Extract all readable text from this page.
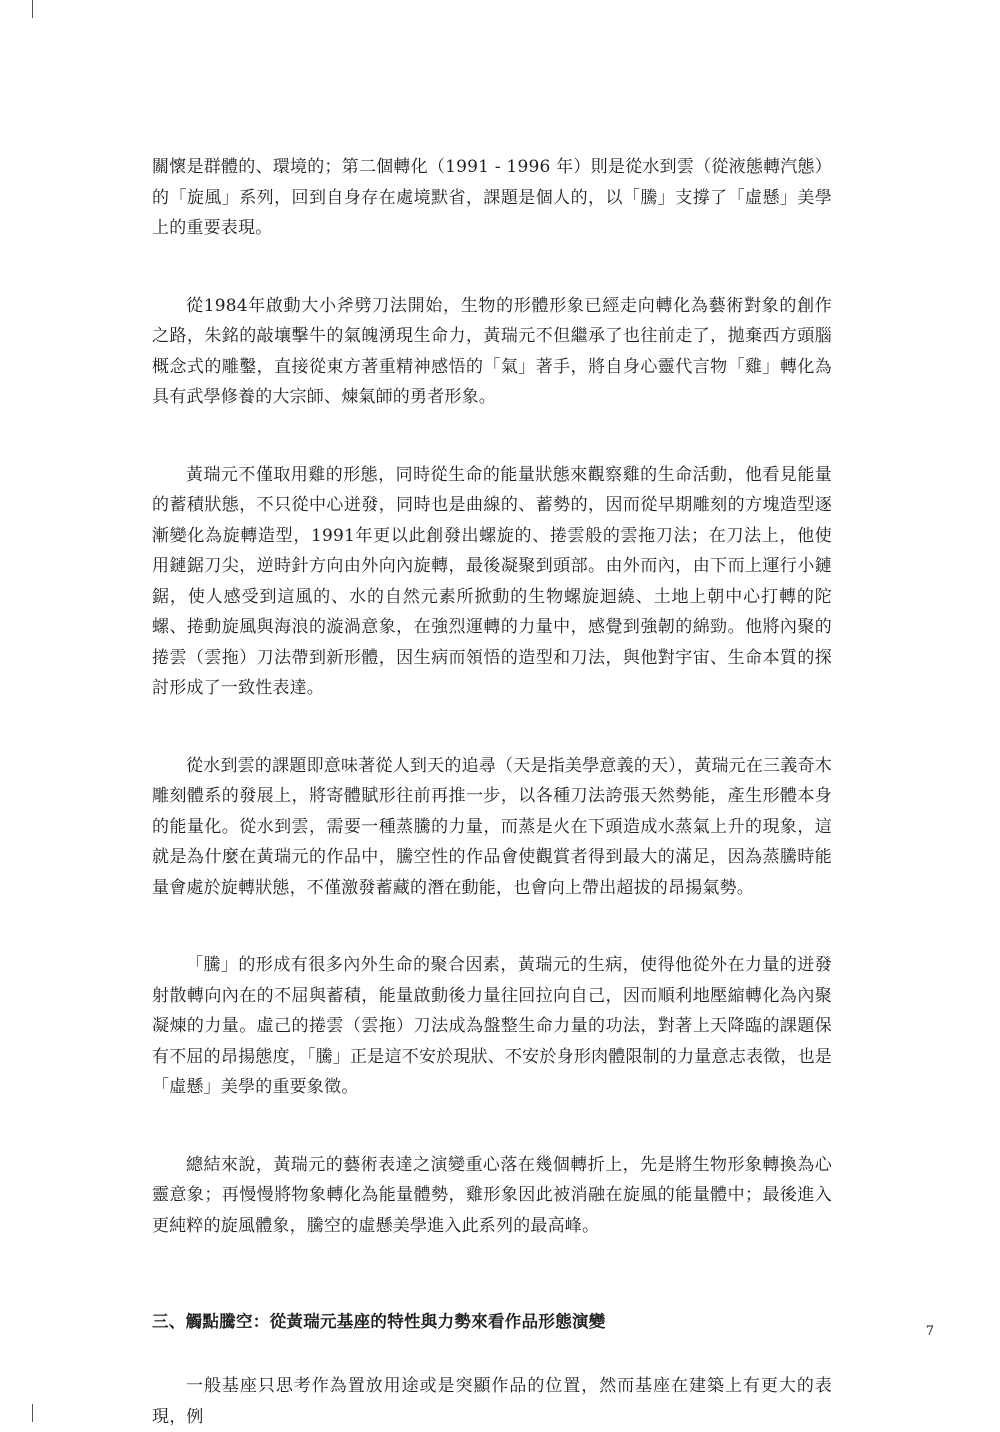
關懷是群體的、環境的；第二個轉化（1991 - 1996 年）則是從水到雲（從液態轉汽態）的「旋風」系列，回到自身存在處境默省，課題是個人的，以「騰」支撐了「虛懸」美學上的重要表現。

從1984年啟動大小斧劈刀法開始，生物的形體形象已經走向轉化為藝術對象的創作之路，朱銘的敲壤擊牛的氣魄湧現生命力，黃瑞元不但繼承了也往前走了，拋棄西方頭腦概念式的雕鑿，直接從東方著重精神感悟的「氣」著手，將自身心靈代言物「雞」轉化為具有武學修養的大宗師、煉氣師的勇者形象。

黃瑞元不僅取用雞的形態，同時從生命的能量狀態來觀察雞的生命活動，他看見能量的蓄積狀態，不只從中心迸發，同時也是曲線的、蓄勢的，因而從早期雕刻的方塊造型逐漸變化為旋轉造型，1991年更以此創發出螺旋的、捲雲般的雲拖刀法；在刀法上，他使用鏈鋸刀尖，逆時針方向由外向內旋轉，最後凝聚到頭部。由外而內，由下而上運行小鏈鋸，使人感受到這風的、水的自然元素所掀動的生物螺旋迴繞、土地上朝中心打轉的陀螺、捲動旋風與海浪的漩渦意象，在強烈運轉的力量中，感覺到強韌的綿勁。他將內聚的捲雲（雲拖）刀法帶到新形體，因生病而領悟的造型和刀法，與他對宇宙、生命本質的探討形成了一致性表達。

從水到雲的課題即意味著從人到天的追尋（天是指美學意義的天），黃瑞元在三義奇木雕刻體系的發展上，將寄體賦形往前再推一步，以各種刀法誇張天然勢能，產生形體本身的能量化。從水到雲，需要一種蒸騰的力量，而蒸是火在下頭造成水蒸氣上升的現象，這就是為什麼在黃瑞元的作品中，騰空性的作品會使觀賞者得到最大的滿足，因為蒸騰時能量會處於旋轉狀態，不僅激發蓄藏的潛在動能，也會向上帶出超拔的昂揚氣勢。

「騰」的形成有很多內外生命的聚合因素，黃瑞元的生病，使得他從外在力量的迸發射散轉向內在的不屈與蓄積，能量啟動後力量往回拉向自己，因而順利地壓縮轉化為內聚凝煉的力量。虛己的捲雲（雲拖）刀法成為盤整生命力量的功法，對著上天降臨的課題保有不屈的昂揚態度，「騰」正是這不安於現狀、不安於身形肉體限制的力量意志表徵，也是「虛懸」美學的重要象徵。

總結來說，黃瑞元的藝術表達之演變重心落在幾個轉折上，先是將生物形象轉換為心靈意象；再慢慢將物象轉化為能量體勢，雞形象因此被消融在旋風的能量體中；最後進入更純粹的旋風體象，騰空的虛懸美學進入此系列的最高峰。

三、觸點騰空：從黃瑞元基座的特性與力勢來看作品形態演變

一般基座只思考作為置放用途或是突顯作品的位置，然而基座在建築上有更大的表現，例

7
